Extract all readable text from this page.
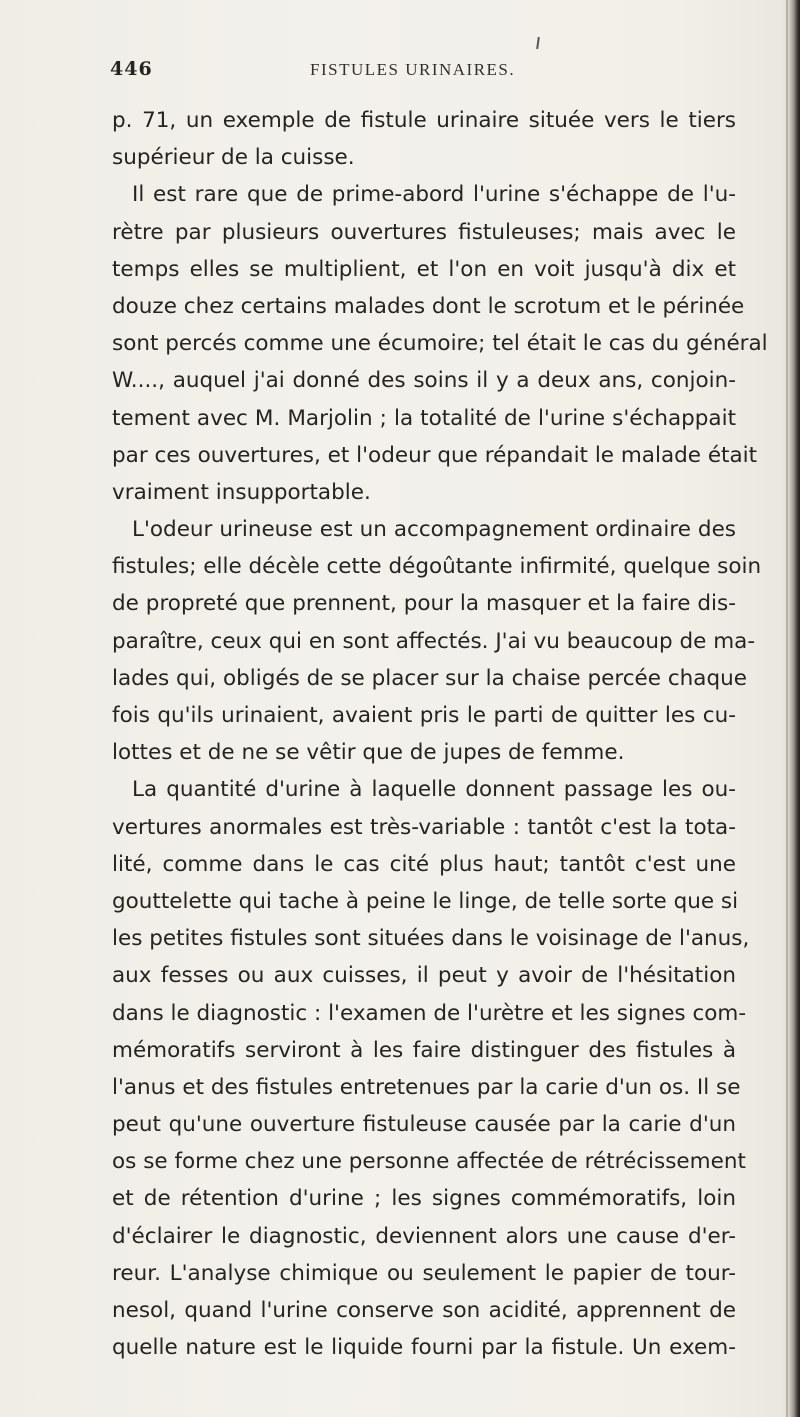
446	FISTULES URINAIRES.
p. 71, un exemple de fistule urinaire située vers le tiers
supérieur de la cuisse.
Il est rare que de prime-abord l'urine s'échappe de l'u-
rètre par plusieurs ouvertures fistuleuses; mais avec le
temps elles se multiplient, et l'on en voit jusqu'à dix et
douze chez certains malades dont le scrotum et le périnée
sont percés comme une écumoire; tel était le cas du général
W...., auquel j'ai donné des soins il y a deux ans, conjoin-
tement avec M. Marjolin ; la totalité de l'urine s'échappait
par ces ouvertures, et l'odeur que répandait le malade était
vraiment insupportable.
L'odeur urineuse est un accompagnement ordinaire des
fistules; elle décèle cette dégoûtante infirmité, quelque soin
de propreté que prennent, pour la masquer et la faire dis-
paraître, ceux qui en sont affectés. J'ai vu beaucoup de ma-
lades qui, obligés de se placer sur la chaise percée chaque
fois qu'ils urinaient, avaient pris le parti de quitter les cu-
lottes et de ne se vêtir que de jupes de femme.
La quantité d'urine à laquelle donnent passage les ou-
vertures anormales est très-variable : tantôt c'est la tota-
lité, comme dans le cas cité plus haut; tantôt c'est une
gouttelette qui tache à peine le linge, de telle sorte que si
les petites fistules sont situées dans le voisinage de l'anus,
aux fesses ou aux cuisses, il peut y avoir de l'hésitation
dans le diagnostic : l'examen de l'urètre et les signes com-
mémoratifs serviront à les faire distinguer des fistules à
l'anus et des fistules entretenues par la carie d'un os. Il se
peut qu'une ouverture fistuleuse causée par la carie d'un
os se forme chez une personne affectée de rétrécissement
et de rétention d'urine ; les signes commémoratifs, loin
d'éclairer le diagnostic, deviennent alors une cause d'er-
reur. L'analyse chimique ou seulement le papier de tour-
nesol, quand l'urine conserve son acidité, apprennent de
quelle nature est le liquide fourni par la fistule. Un exem-
